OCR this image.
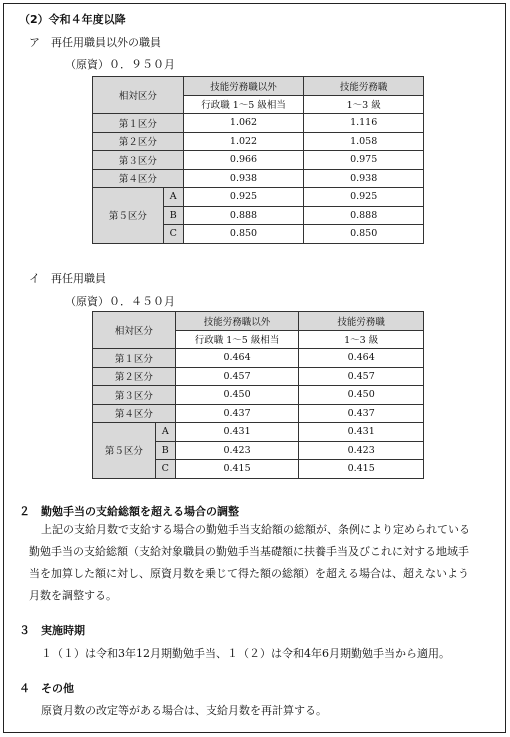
（2）令和４年度以降
ア　再任用職員以外の職員
（原資）０．９５０月
相対区分		技能労務職以外	技能労務職
		行政職 1～5 級相当	1～3 級
第１区分		1.062	1.116
第２区分		1.022	1.058
第３区分		0.966	0.975
第４区分		0.938	0.938
第５区分	A	0.925	0.925
	B	0.888	0.888
	C	0.850	0.850
イ　再任用職員
（原資）０．４５０月
相対区分		技能労務職以外	技能労務職
		行政職 1～5 級相当	1～3 級
第１区分		0.464	0.464
第２区分		0.457	0.457
第３区分		0.450	0.450
第４区分		0.437	0.437
第５区分	A	0.431	0.431
	B	0.423	0.423
	C	0.415	0.415
２　勤勉手当の支給総額を超える場合の調整
上記の支給月数で支給する場合の勤勉手当支給額の総額が、条例により定められている
勤勉手当の支給総額（支給対象職員の勤勉手当基礎額に扶養手当及びこれに対する地域手
当を加算した額に対し、原資月数を乗じて得た額の総額）を超える場合は、超えないよう
月数を調整する。
３　実施時期
１（１）は令和3年12月期勤勉手当、１（２）は令和4年6月期勤勉手当から適用。
４　その他
原資月数の改定等がある場合は、支給月数を再計算する。
